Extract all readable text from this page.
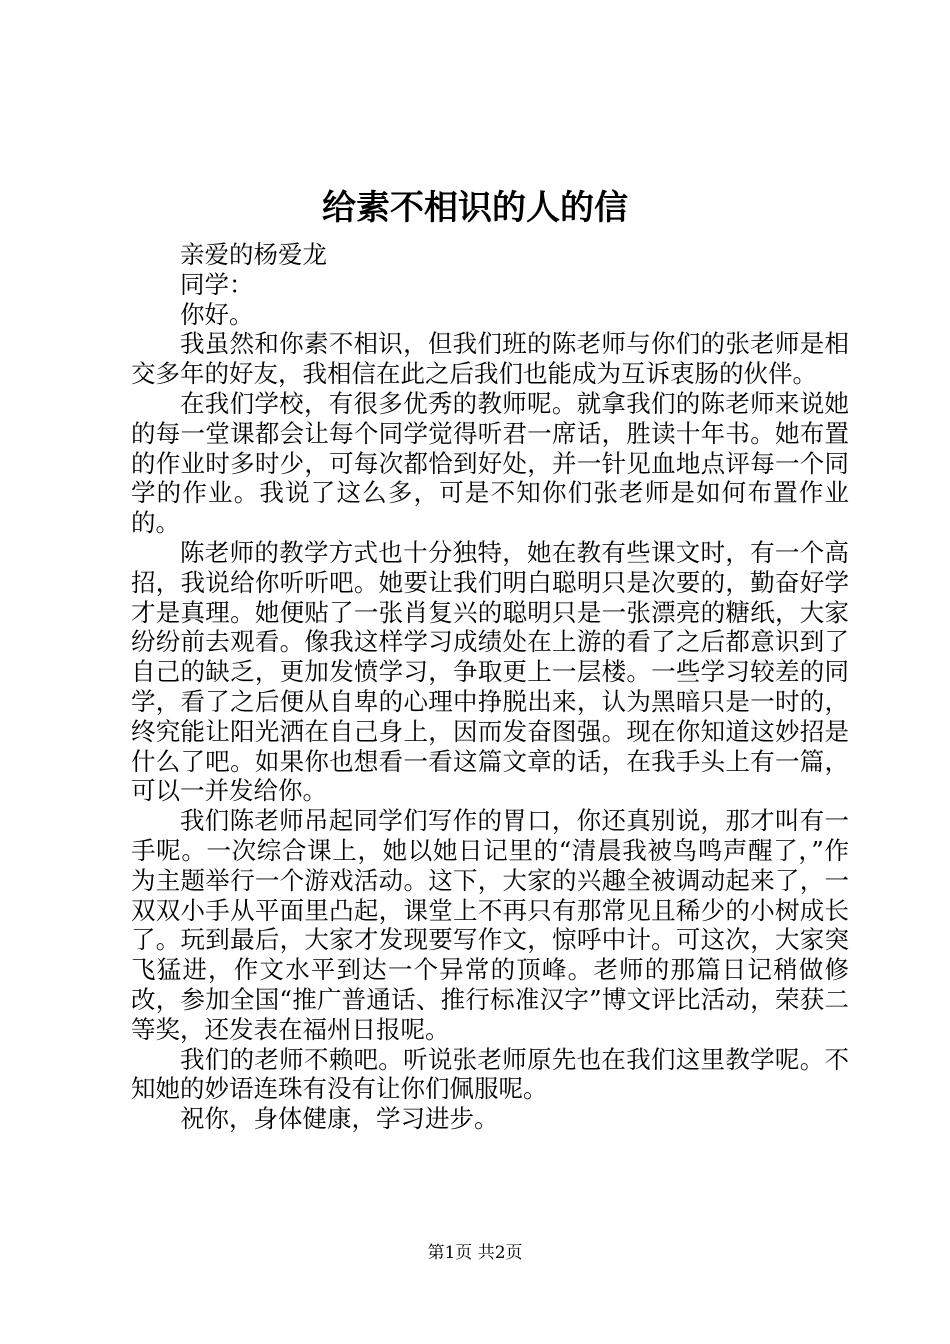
给素不相识的人的信

亲爱的杨爱龙

同学：

你好。

我虽然和你素不相识，但我们班的陈老师与你们的张老师是相交多年的好友，我相信在此之后我们也能成为互诉衷肠的伙伴。

在我们学校，有很多优秀的教师呢。就拿我们的陈老师来说她的每一堂课都会让每个同学觉得听君一席话，胜读十年书。她布置的作业时多时少，可每次都恰到好处，并一针见血地点评每一个同学的作业。我说了这么多，可是不知你们张老师是如何布置作业的。

陈老师的教学方式也十分独特，她在教有些课文时，有一个高招，我说给你听听吧。她要让我们明白聪明只是次要的，勤奋好学才是真理。她便贴了一张肖复兴的聪明只是一张漂亮的糖纸，大家纷纷前去观看。像我这样学习成绩处在上游的看了之后都意识到了自己的缺乏，更加发愤学习，争取更上一层楼。一些学习较差的同学，看了之后便从自卑的心理中挣脱出来，认为黑暗只是一时的，终究能让阳光洒在自己身上，因而发奋图强。现在你知道这妙招是什么了吧。如果你也想看一看这篇文章的话，在我手头上有一篇，可以一并发给你。

我们陈老师吊起同学们写作的胃口，你还真别说，那才叫有一手呢。一次综合课上，她以她日记里的“清晨我被鸟鸣声醒了，”作为主题举行一个游戏活动。这下，大家的兴趣全被调动起来了，一双双小手从平面里凸起，课堂上不再只有那常见且稀少的小树成长了。玩到最后，大家才发现要写作文，惊呼中计。可这次，大家突飞猛进，作文水平到达一个异常的顶峰。老师的那篇日记稍做修改，参加全国“推广普通话、推行标准汉字”博文评比活动，荣获二等奖，还发表在福州日报呢。

我们的老师不赖吧。听说张老师原先也在我们这里教学呢。不知她的妙语连珠有没有让你们佩服呢。

祝你，身体健康，学习进步。

第1页 共2页
